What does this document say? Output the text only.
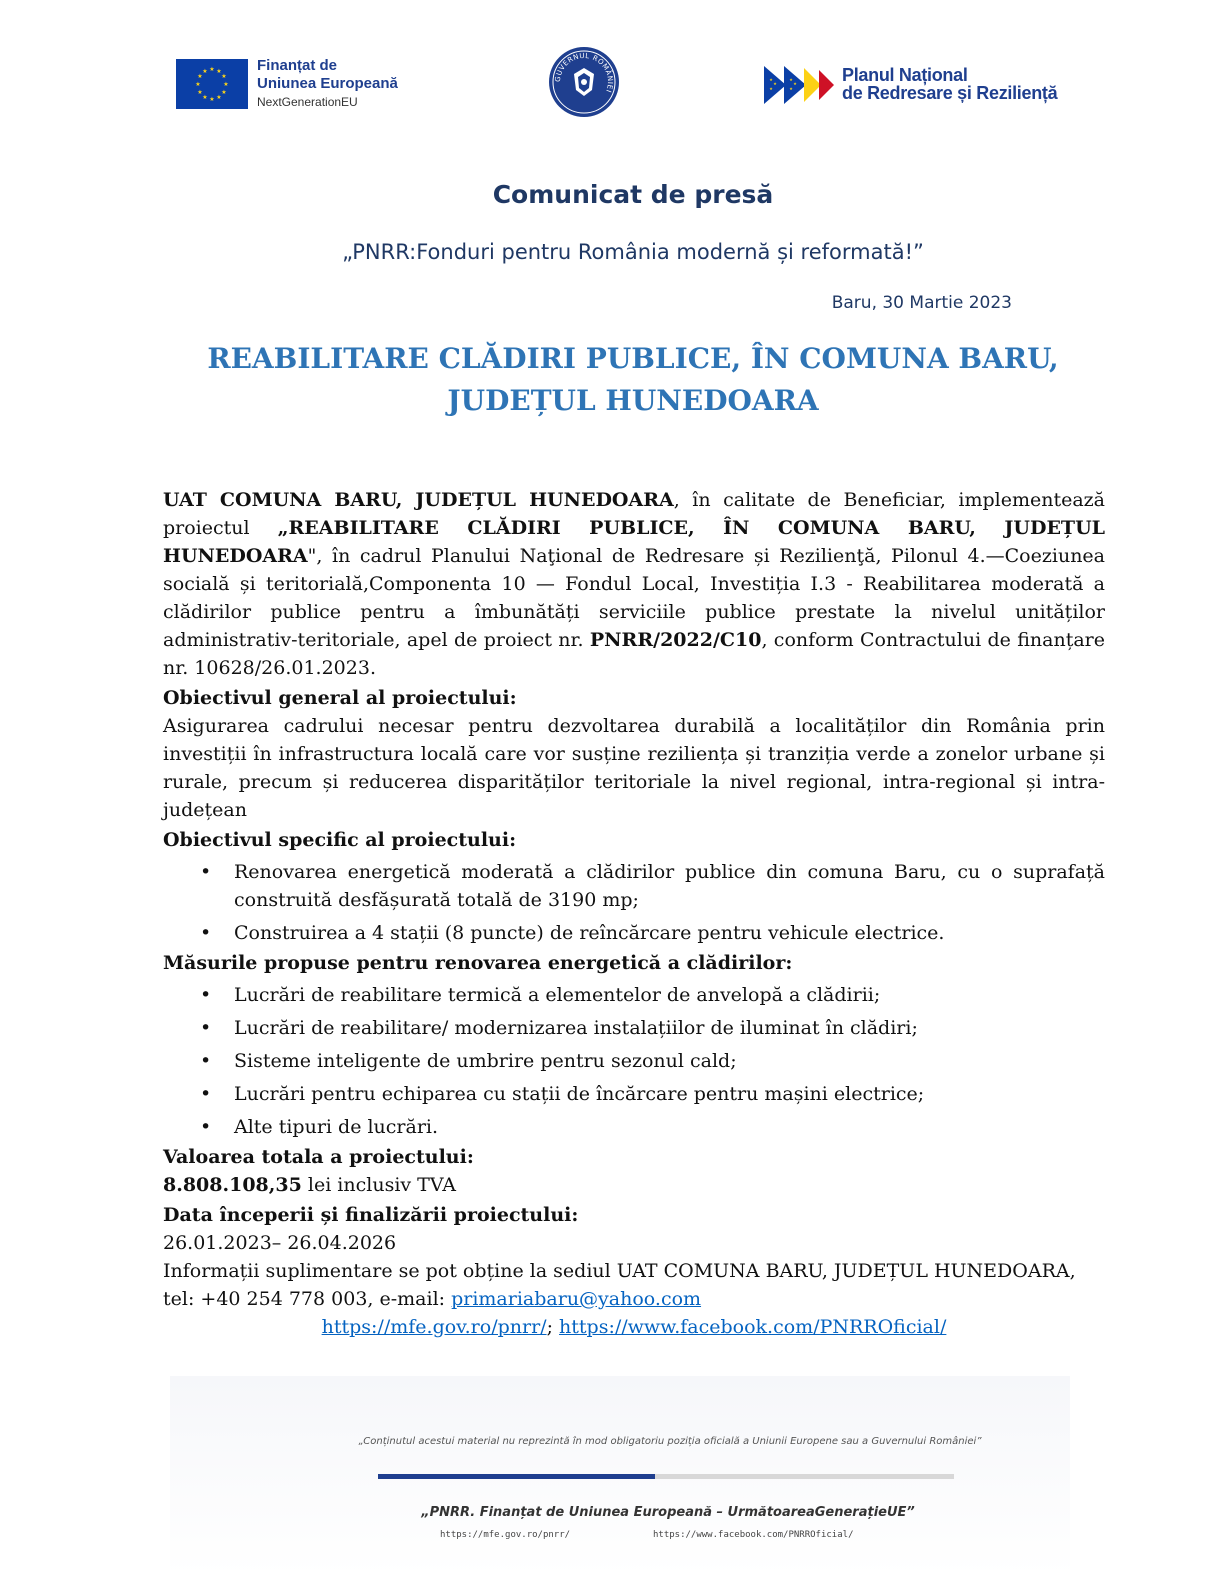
★ ★
★
★
★
★
★
★
★
★
★
★	Finanțat de
Uniunea Europeană
NextGenerationEU
GUVERNUL ROMÂNIEI
★
★
★
★
★
★
Planul Național
de Redresare și Reziliență
Comunicat de presă
„PNRR:Fonduri pentru România modernă și reformată!”
Baru, 30 Martie 2023
REABILITARE CLĂDIRI PUBLICE, ÎN COMUNA BARU,
JUDEȚUL HUNEDOARA

UAT COMUNA BARU, JUDEȚUL HUNEDOARA, în calitate de Beneficiar, implementează proiectul „REABILITARE CLĂDIRI PUBLICE, ÎN COMUNA BARU, JUDEȚUL HUNEDOARA", în cadrul Planului Naţional de Redresare și Rezilienţă, Pilonul 4.—Coeziunea socială și teritorială,Componenta 10 — Fondul Local, Investiția I.3 - Reabilitarea moderată a clădirilor publice pentru a îmbunătăți serviciile publice prestate la nivelul unităților administrativ-teritoriale, apel de proiect nr. PNRR/2022/C10, conform Contractului de finanțare nr. 10628/26.01.2023.

Obiectivul general al proiectului:

Asigurarea cadrului necesar pentru dezvoltarea durabilă a localităților din România prin investiții în infrastructura locală care vor susține reziliența și tranziția verde a zonelor urbane și rurale, precum și reducerea disparităților teritoriale la nivel regional, intra-regional și intra-județean

Obiectivul specific al proiectului:

• Renovarea energetică moderată a clădirilor publice din comuna Baru, cu o suprafață construită desfășurată totală de 3190 mp;
• Construirea a 4 stații (8 puncte) de reîncărcare pentru vehicule electrice.

Măsurile propuse pentru renovarea energetică a clădirilor:

• Lucrări de reabilitare termică a elementelor de anvelopă a clădirii;
• Lucrări de reabilitare/ modernizarea instalațiilor de iluminat în clădiri;
• Sisteme inteligente de umbrire pentru sezonul cald;
• Lucrări pentru echiparea cu stații de încărcare pentru mașini electrice;
• Alte tipuri de lucrări.

Valoarea totala a proiectului:

8.808.108,35 lei inclusiv TVA

Data începerii și finalizării proiectului:

26.01.2023– 26.04.2026

Informații suplimentare se pot obține la sediul UAT COMUNA BARU, JUDEȚUL HUNEDOARA,

tel: +40 254 778 003, e-mail: primariabaru@yahoo.com

https://mfe.gov.ro/pnrr/; https://www.facebook.com/PNRROficial/

„Conținutul acestui material nu reprezintă în mod obligatoriu poziția oficială a Uniunii Europene sau a Guvernului României”
„PNRR. Finanțat de Uniunea Europeană – UrmătoareaGenerațieUE”
https://mfe.gov.ro/pnrr/	https://www.facebook.com/PNRROficial/
